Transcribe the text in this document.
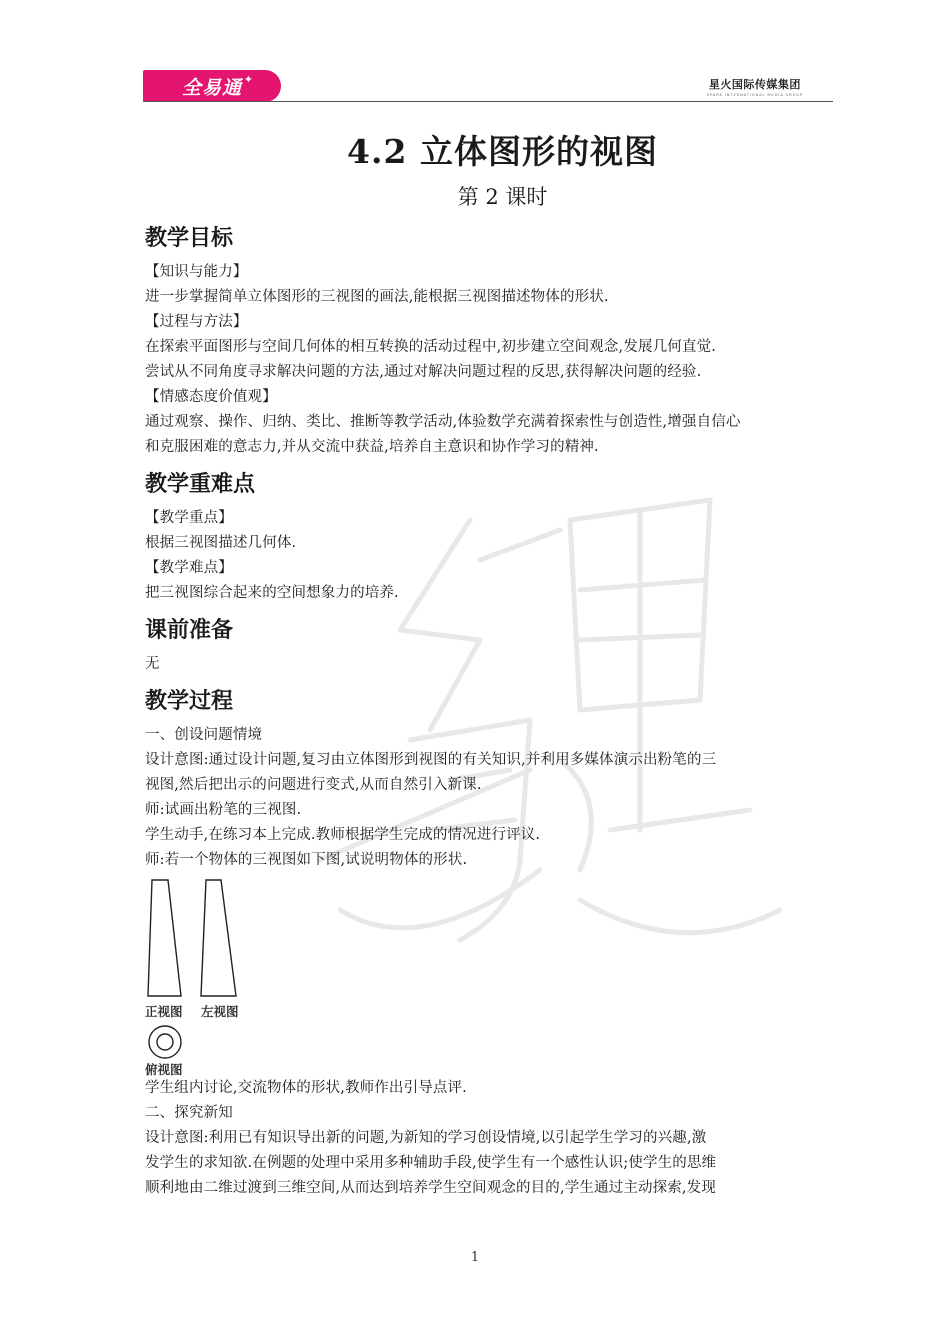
全易通 ✦	星火国际传媒集团
SPARK INTERNATIONAL MEDIA GROUP
4.2 立体图形的视图
第 2 课时
教学目标
【知识与能力】
进一步掌握简单立体图形的三视图的画法,能根据三视图描述物体的形状.
【过程与方法】
在探索平面图形与空间几何体的相互转换的活动过程中,初步建立空间观念,发展几何直觉.
尝试从不同角度寻求解决问题的方法,通过对解决问题过程的反思,获得解决问题的经验.
【情感态度价值观】
通过观察、操作、归纳、类比、推断等教学活动,体验数学充满着探索性与创造性,增强自信心
和克服困难的意志力,并从交流中获益,培养自主意识和协作学习的精神.
教学重难点
【教学重点】
根据三视图描述几何体.
【教学难点】
把三视图综合起来的空间想象力的培养.
课前准备
无
教学过程
一、创设问题情境
设计意图:通过设计问题,复习由立体图形到视图的有关知识,并利用多媒体演示出粉笔的三
视图,然后把出示的问题进行变式,从而自然引入新课.
师:试画出粉笔的三视图.
学生动手,在练习本上完成.教师根据学生完成的情况进行评议.
师:若一个物体的三视图如下图,试说明物体的形状.
正视图 左视图
俯视图
学生组内讨论,交流物体的形状,教师作出引导点评.
二、探究新知
设计意图:利用已有知识导出新的问题,为新知的学习创设情境,以引起学生学习的兴趣,激
发学生的求知欲.在例题的处理中采用多种辅助手段,使学生有一个感性认识;使学生的思维
顺利地由二维过渡到三维空间,从而达到培养学生空间观念的目的,学生通过主动探索,发现
1
